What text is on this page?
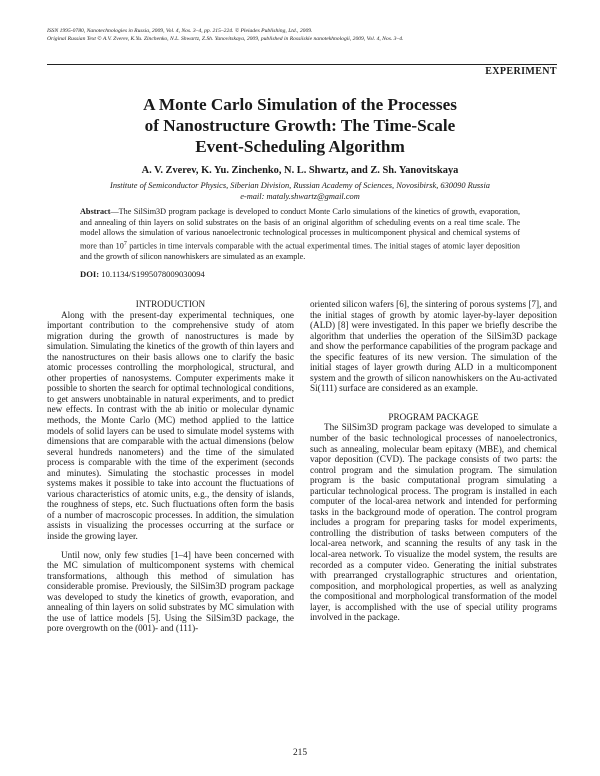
ISSN 1995-0780, Nanotechnologies in Russia, 2009, Vol. 4, Nos. 3–4, pp. 215–224. © Pleiades Publishing, Ltd., 2009.
Original Russian Text © A.V. Zverev, K.Yu. Zinchenko, N.L. Shwartz, Z.Sh. Yanovitskaya, 2009, published in Rossiiskie nanotekhnologii, 2009, Vol. 4, Nos. 3–4.
EXPERIMENT
A Monte Carlo Simulation of the Processes
of Nanostructure Growth: The Time-Scale
Event-Scheduling Algorithm
A. V. Zverev, K. Yu. Zinchenko, N. L. Shwartz, and Z. Sh. Yanovitskaya
Institute of Semiconductor Physics, Siberian Division, Russian Academy of Sciences, Novosibirsk, 630090 Russia
e-mail: mataly.shwartz@gmail.com
Abstract—The SilSim3D program package is developed to conduct Monte Carlo simulations of the kinetics of growth, evaporation, and annealing of thin layers on solid substrates on the basis of an original algorithm of scheduling events on a real time scale. The model allows the simulation of various nanoelectronic technological processes in multicomponent physical and chemical systems of more than $10^7$ particles in time intervals comparable with the actual experimental times. The initial stages of atomic layer deposition and the growth of silicon nanowhiskers are simulated as an example.
DOI: 10.1134/S1995078009030094

INTRODUCTION

Along with the present-day experimental techniques, one important contribution to the comprehensive study of atom migration during the growth of nanostructures is made by simulation. Simulating the kinetics of the growth of thin layers and the nanostructures on their basis allows one to clarify the basic atomic processes controlling the morphological, structural, and other properties of nanosystems. Computer experiments make it possible to shorten the search for optimal technological conditions, to get answers unobtainable in natural experiments, and to predict new effects. In contrast with the ab initio or molecular dynamic methods, the Monte Carlo (MC) method applied to the lattice models of solid layers can be used to simulate model systems with dimensions that are comparable with the actual dimensions (below several hundreds nanometers) and the time of the simulated process is comparable with the time of the experiment (seconds and minutes). Simulating the stochastic processes in model systems makes it possible to take into account the fluctuations of various characteristics of atomic units, e.g., the density of islands, the roughness of steps, etc. Such fluctuations often form the basis of a number of macroscopic processes. In addition, the simulation assists in visualizing the processes occurring at the surface or inside the growing layer.

Until now, only few studies [1–4] have been concerned with the MC simulation of multicomponent systems with chemical transformations, although this method of simulation has considerable promise. Previously, the SilSim3D program package was developed to study the kinetics of growth, evaporation, and annealing of thin layers on solid substrates by MC simulation with the use of lattice models [5]. Using the SilSim3D package, the pore overgrowth on the (001)- and (111)-

oriented silicon wafers [6], the sintering of porous systems [7], and the initial stages of growth by atomic layer-by-layer deposition (ALD) [8] were investigated. In this paper we briefly describe the algorithm that underlies the operation of the SilSim3D package and show the performance capabilities of the program package and the specific features of its new version. The simulation of the initial stages of layer growth during ALD in a multicomponent system and the growth of silicon nanowhiskers on the Au-activated Si(111) surface are considered as an example.

PROGRAM PACKAGE

The SilSim3D program package was developed to simulate a number of the basic technological processes of nanoelectronics, such as annealing, molecular beam epitaxy (MBE), and chemical vapor deposition (CVD). The package consists of two parts: the control program and the simulation program. The simulation program is the basic computational program simulating a particular technological process. The program is installed in each computer of the local-area network and intended for performing tasks in the background mode of operation. The control program includes a program for preparing tasks for model experiments, controlling the distribution of tasks between computers of the local-area network, and scanning the results of any task in the local-area network. To visualize the model system, the results are recorded as a computer video. Generating the initial substrates with prearranged crystallographic structures and orientation, composition, and morphological properties, as well as analyzing the compositional and morphological transformation of the model layer, is accomplished with the use of special utility programs involved in the package.

215
